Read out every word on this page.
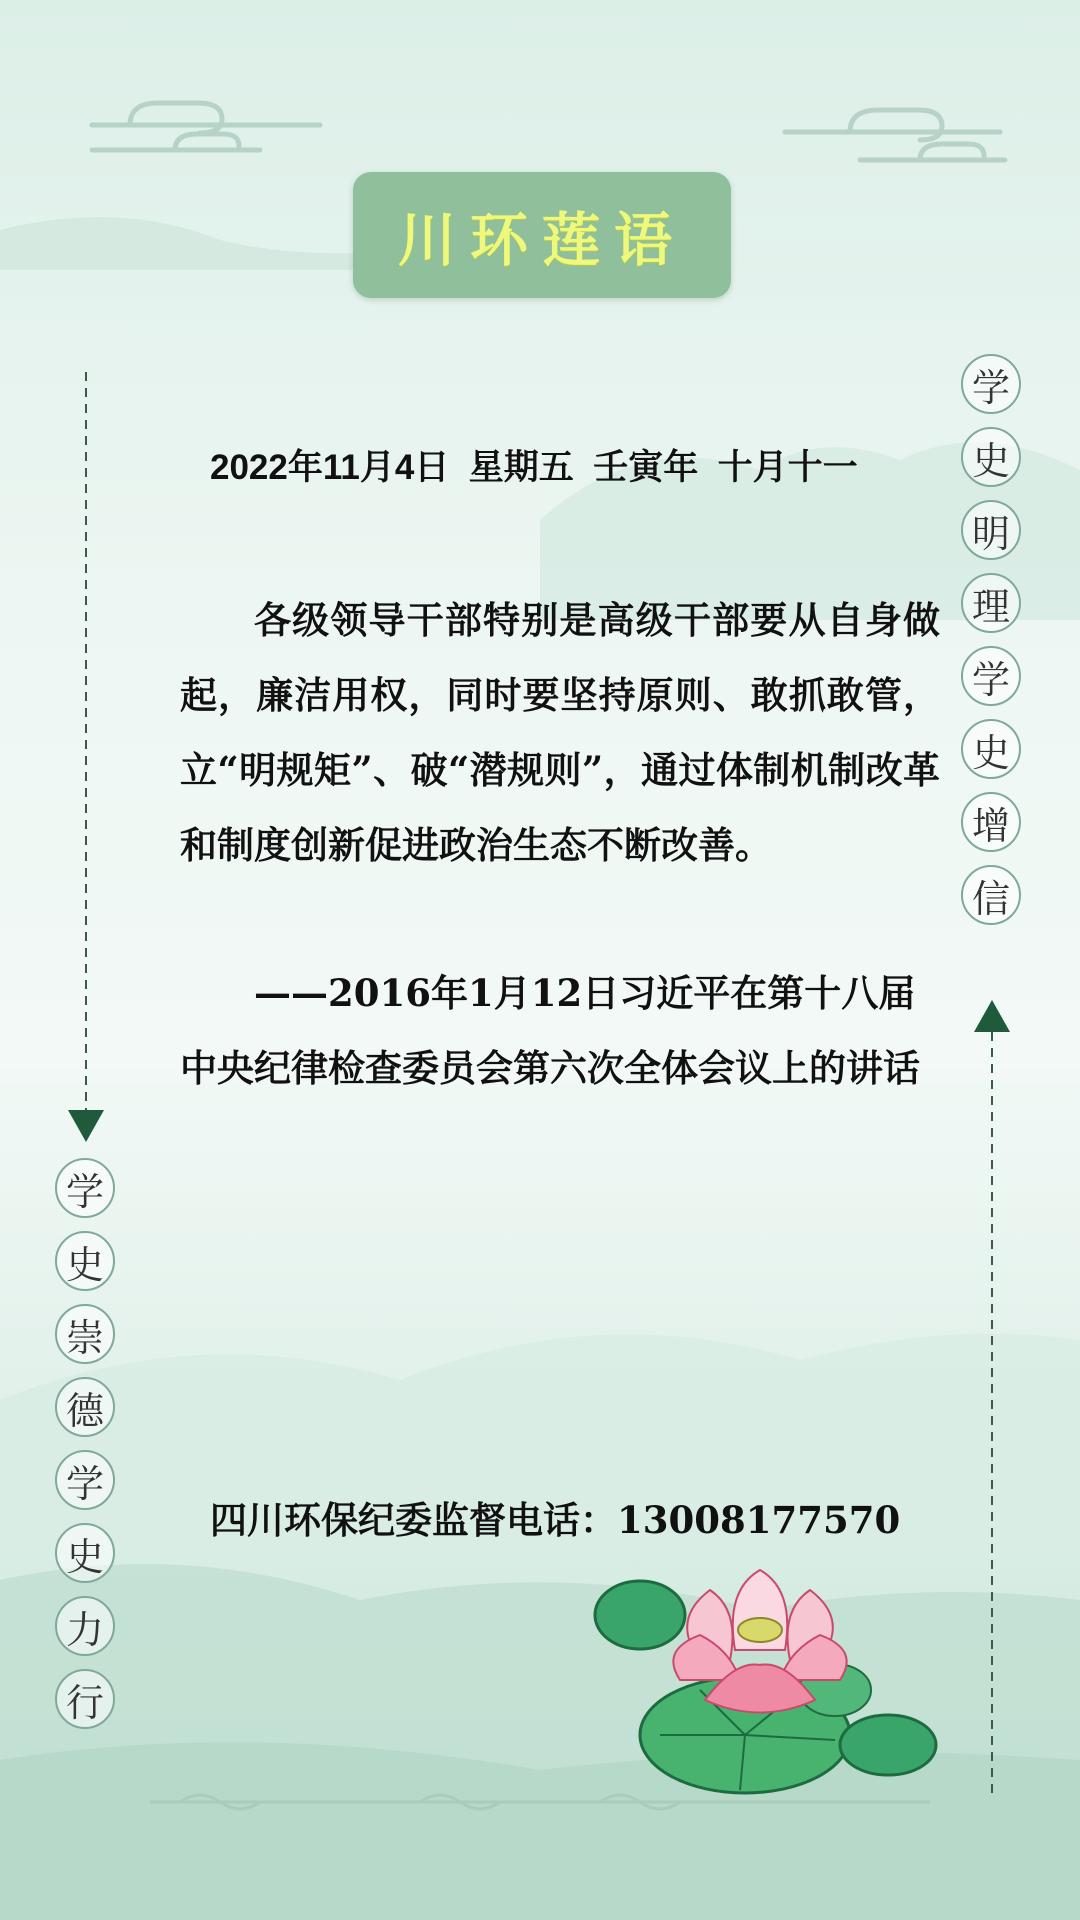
川环莲语
2022年11月4日  星期五  壬寅年  十月十一

各级领导干部特别是高级干部要从自身做起，廉洁用权，同时要坚持原则、敢抓敢管，立“明规矩”、破“潜规则”，通过体制机制改革和制度创新促进政治生态不断改善。

——2016年1月12日习近平在第十八届中央纪律检查委员会第六次全体会议上的讲话

四川环保纪委监督电话：13008177570
学
史
明
理
学
史
增
信
学
史
崇
德
学
史
力
行
